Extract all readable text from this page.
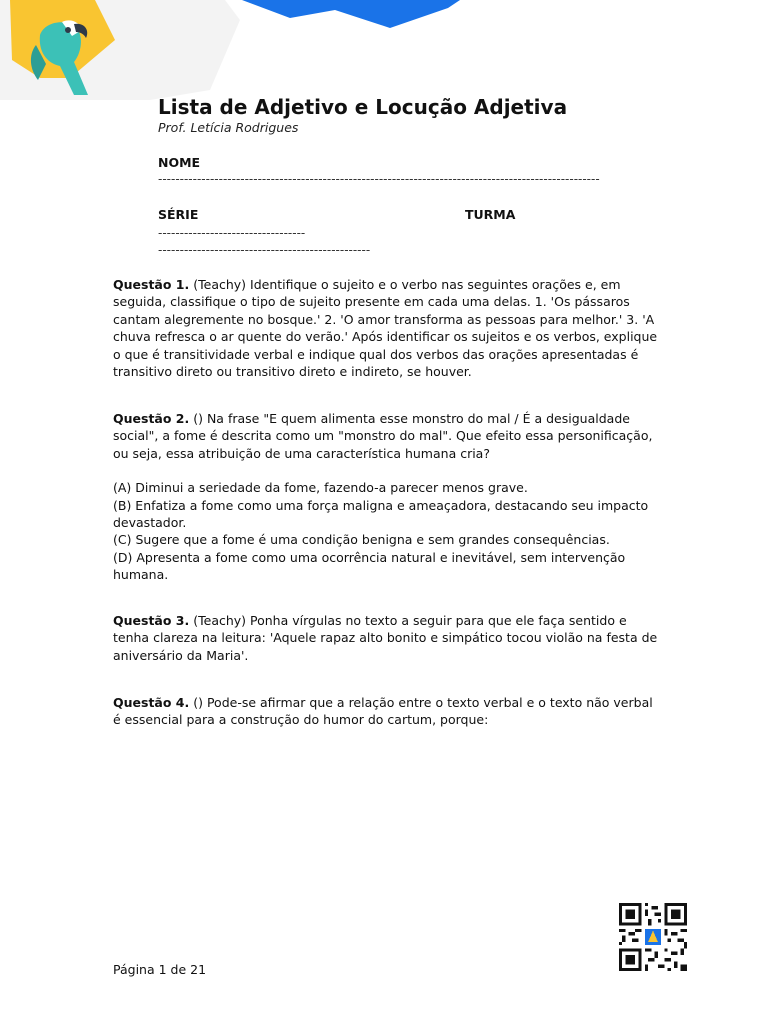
Lista de Adjetivo e Locução Adjetiva

Prof. Letícia Rodrigues

NOME
------------------------------------------------------------------------------------------------------
SÉRIE	TURMA
----------------------------------
-------------------------------------------------

Questão 1. (Teachy) Identifique o sujeito e o verbo nas seguintes orações e, em seguida, classifique o tipo de sujeito presente em cada uma delas. 1. 'Os pássaros cantam alegremente no bosque.' 2. 'O amor transforma as pessoas para melhor.' 3. 'A chuva refresca o ar quente do verão.' Após identificar os sujeitos e os verbos, explique o que é transitividade verbal e indique qual dos verbos das orações apresentadas é transitivo direto ou transitivo direto e indireto, se houver.

Questão 2. () Na frase "E quem alimenta esse monstro do mal / É a desigualdade social", a fome é descrita como um "monstro do mal". Que efeito essa personificação, ou seja, essa atribuição de uma característica humana cria?

(A) Diminui a seriedade da fome, fazendo-a parecer menos grave.

(B) Enfatiza a fome como uma força maligna e ameaçadora, destacando seu impacto devastador.

(C) Sugere que a fome é uma condição benigna e sem grandes consequências.

(D) Apresenta a fome como uma ocorrência natural e inevitável, sem intervenção humana.

Questão 3. (Teachy) Ponha vírgulas no texto a seguir para que ele faça sentido e tenha clareza na leitura: 'Aquele rapaz alto bonito e simpático tocou violão na festa de aniversário da Maria'.

Questão 4. () Pode-se afirmar que a relação entre o texto verbal e o texto não verbal é essencial para a construção do humor do cartum, porque:

Página 1 de 21
